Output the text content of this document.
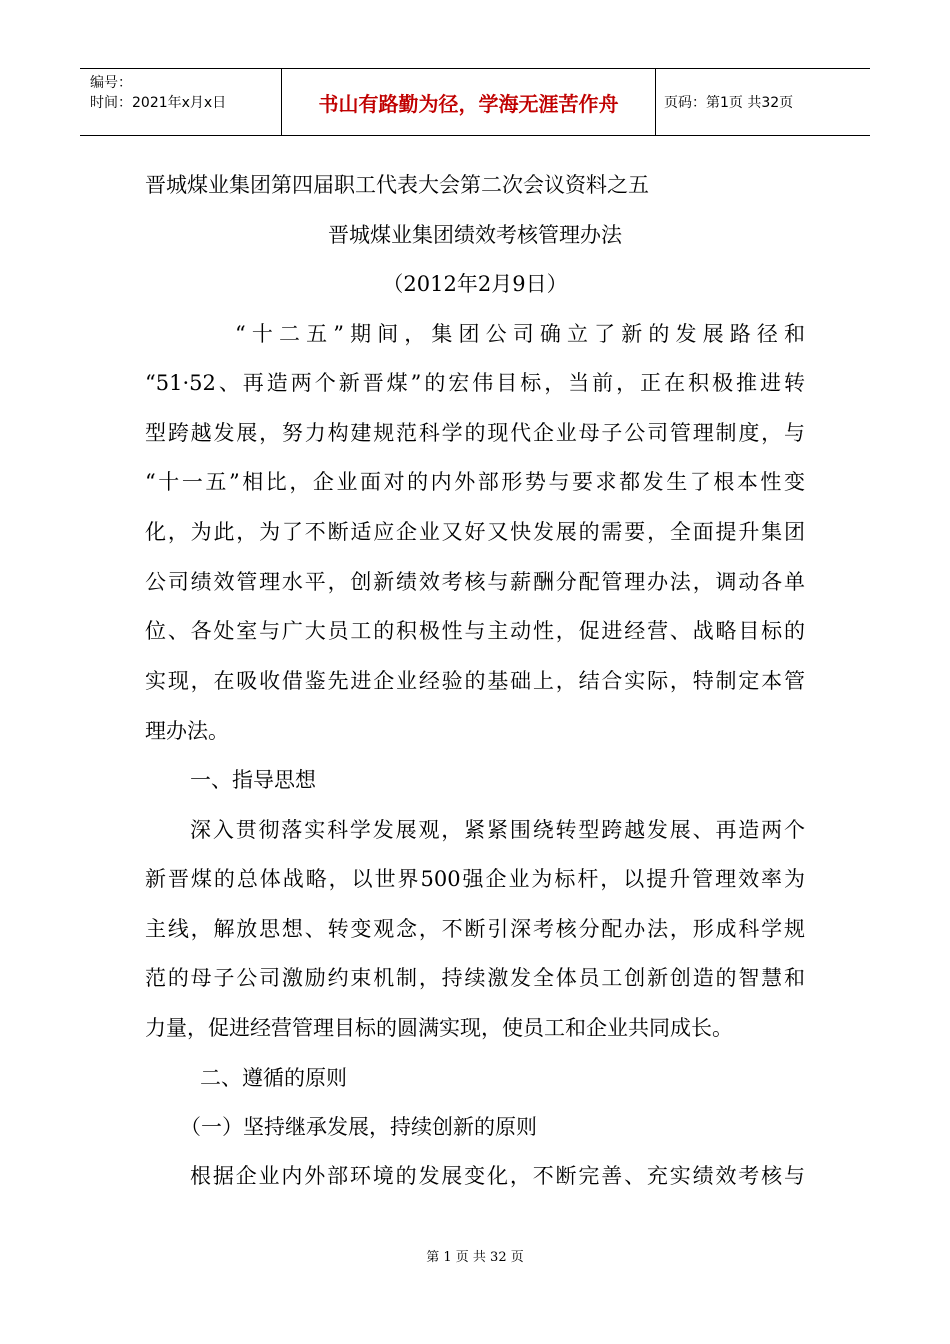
编号：
时间：2021年x月x日	书山有路勤为径，学海无涯苦作舟	页码：第1页 共32页
晋城煤业集团第四届职工代表大会第二次会议资料之五
晋城煤业集团绩效考核管理办法
（2012年2月9日）
“十二五”期间，集团公司确立了新的发展路径和
“51·52、再造两个新晋煤”的宏伟目标，当前，正在积极推进转
型跨越发展，努力构建规范科学的现代企业母子公司管理制度，与
“十一五”相比，企业面对的内外部形势与要求都发生了根本性变
化，为此，为了不断适应企业又好又快发展的需要，全面提升集团
公司绩效管理水平，创新绩效考核与薪酬分配管理办法，调动各单
位、各处室与广大员工的积极性与主动性，促进经营、战略目标的
实现，在吸收借鉴先进企业经验的基础上，结合实际，特制定本管
理办法。
一、指导思想
深入贯彻落实科学发展观，紧紧围绕转型跨越发展、再造两个
新晋煤的总体战略，以世界500强企业为标杆，以提升管理效率为
主线，解放思想、转变观念，不断引深考核分配办法，形成科学规
范的母子公司激励约束机制，持续激发全体员工创新创造的智慧和
力量，促进经营管理目标的圆满实现，使员工和企业共同成长。
二、遵循的原则
（一）坚持继承发展，持续创新的原则
根据企业内外部环境的发展变化，不断完善、充实绩效考核与
第 1 页 共 32 页
